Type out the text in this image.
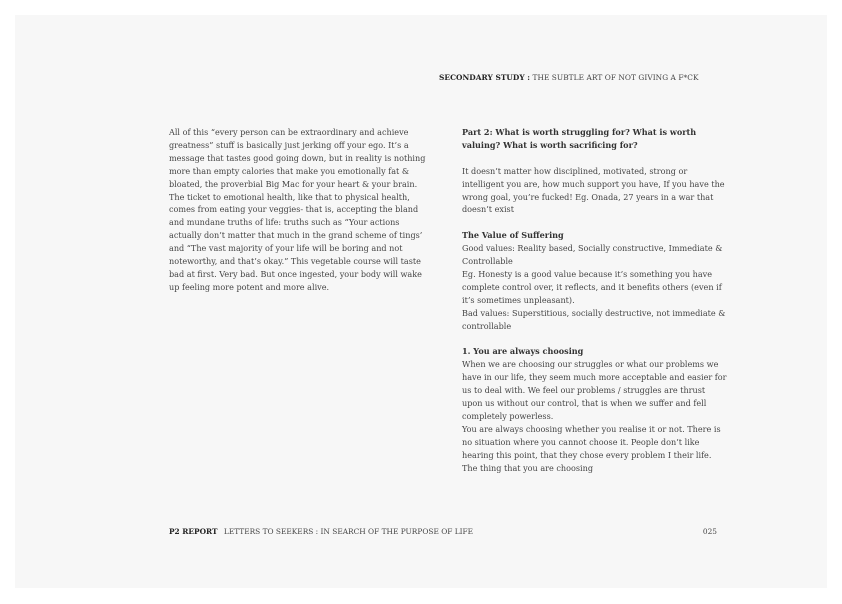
SECONDARY STUDY : THE SUBTLE ART OF NOT GIVING A F*CK

All of this “every person can be extraordinary and achieve greatness” stuff is basically just jerking off your ego. It’s a message that tastes good going down, but in reality is nothing more than empty calories that make you emotionally fat & bloated, the proverbial Big Mac for your heart & your brain. The ticket to emotional health, like that to physical health, comes from eating your veggies- that is, accepting the bland and mundane truths of life: truths such as “Your actions actually don’t matter that much in the grand scheme of tings’ and “The vast majority of your life will be boring and not noteworthy, and that’s okay.” This vegetable course will taste bad at first. Very bad. But once ingested, your body will wake up feeling more potent and more alive.

Part 2: What is worth struggling for? What is worth valuing? What is worth sacrificing for?

It doesn’t matter how disciplined, motivated, strong or intelligent you are, how much support you have, If you have the wrong goal, you’re fucked! Eg. Onada, 27 years in a war that doesn’t exist

The Value of Suffering

Good values: Reality based, Socially constructive, Immediate & Controllable

Eg. Honesty is a good value because it’s something you have complete control over, it reflects, and it benefits others (even if it’s sometimes unpleasant).

Bad values: Superstitious, socially destructive, not immediate & controllable

1. You are always choosing

When we are choosing our struggles or what our problems we have in our life, they seem much more acceptable and easier for us to deal with. We feel our problems / struggles are thrust upon us without our control, that is when we suffer and fell completely powerless.

You are always choosing whether you realise it or not. There is no situation where you cannot choose it. People don’t like hearing this point, that they chose every problem I their life. The thing that you are choosing

P2 REPORT LETTERS TO SEEKERS : IN SEARCH OF THE PURPOSE OF LIFE	025
